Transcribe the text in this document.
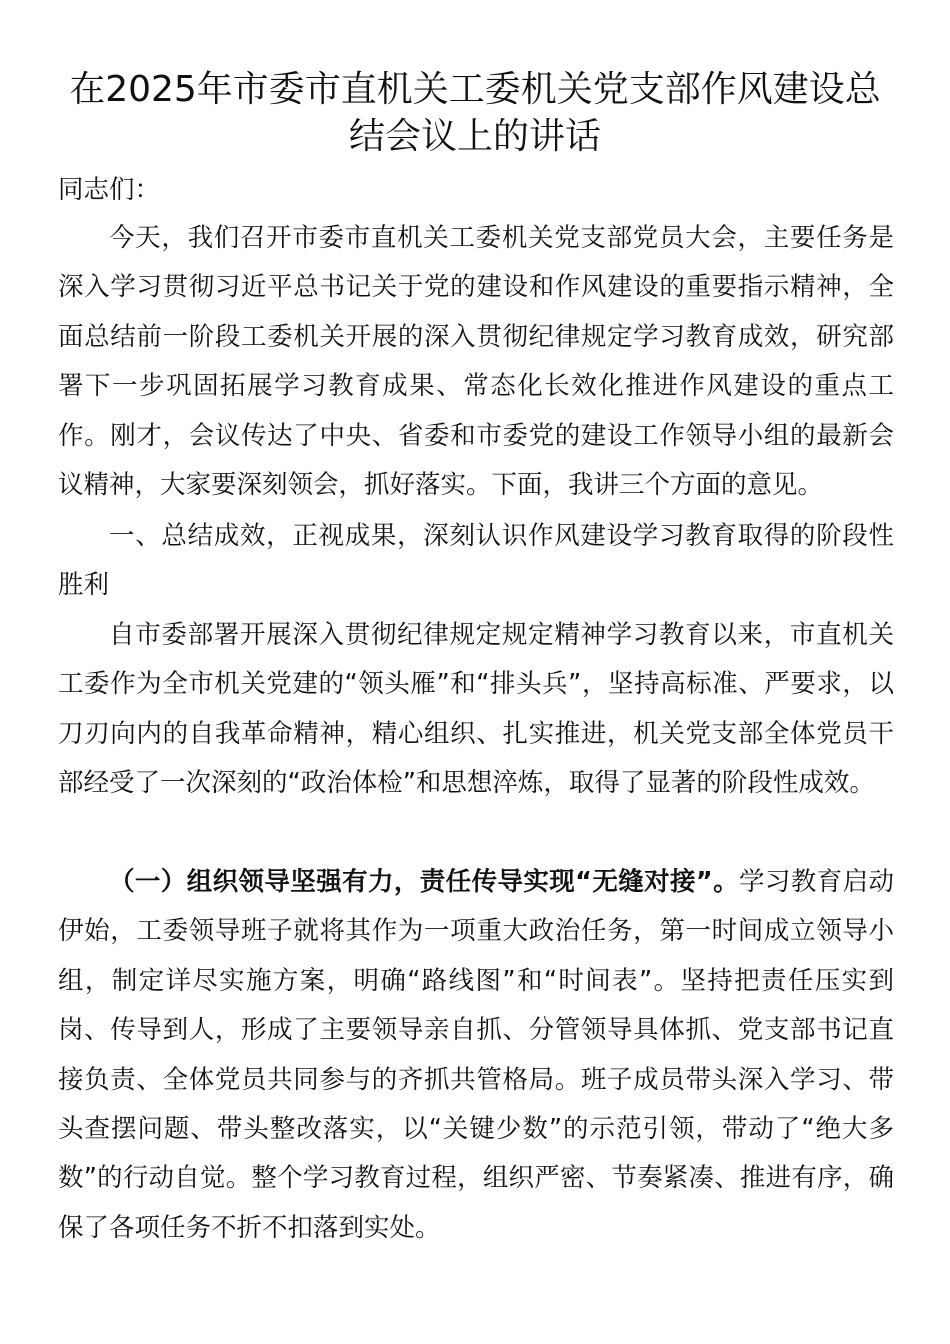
在2025年市委市直机关工委机关党支部作风建设总
结会议上的讲话

同志们：

今天，我们召开市委市直机关工委机关党支部党员大会，主要任务是深入学习贯彻习近平总书记关于党的建设和作风建设的重要指示精神，全面总结前一阶段工委机关开展的深入贯彻纪律规定学习教育成效，研究部署下一步巩固拓展学习教育成果、常态化长效化推进作风建设的重点工作。刚才，会议传达了中央、省委和市委党的建设工作领导小组的最新会议精神，大家要深刻领会，抓好落实。下面，我讲三个方面的意见。

一、总结成效，正视成果，深刻认识作风建设学习教育取得的阶段性胜利

自市委部署开展深入贯彻纪律规定规定精神学习教育以来，市直机关工委作为全市机关党建的“领头雁”和“排头兵”，坚持高标准、严要求，以刀刃向内的自我革命精神，精心组织、扎实推进，机关党支部全体党员干部经受了一次深刻的“政治体检”和思想淬炼，取得了显著的阶段性成效。

（一）组织领导坚强有力，责任传导实现“无缝对接”。学习教育启动伊始，工委领导班子就将其作为一项重大政治任务，第一时间成立领导小组，制定详尽实施方案，明确“路线图”和“时间表”。坚持把责任压实到岗、传导到人，形成了主要领导亲自抓、分管领导具体抓、党支部书记直接负责、全体党员共同参与的齐抓共管格局。班子成员带头深入学习、带头查摆问题、带头整改落实，以“关键少数”的示范引领，带动了“绝大多数”的行动自觉。整个学习教育过程，组织严密、节奏紧凑、推进有序，确保了各项任务不折不扣落到实处。
